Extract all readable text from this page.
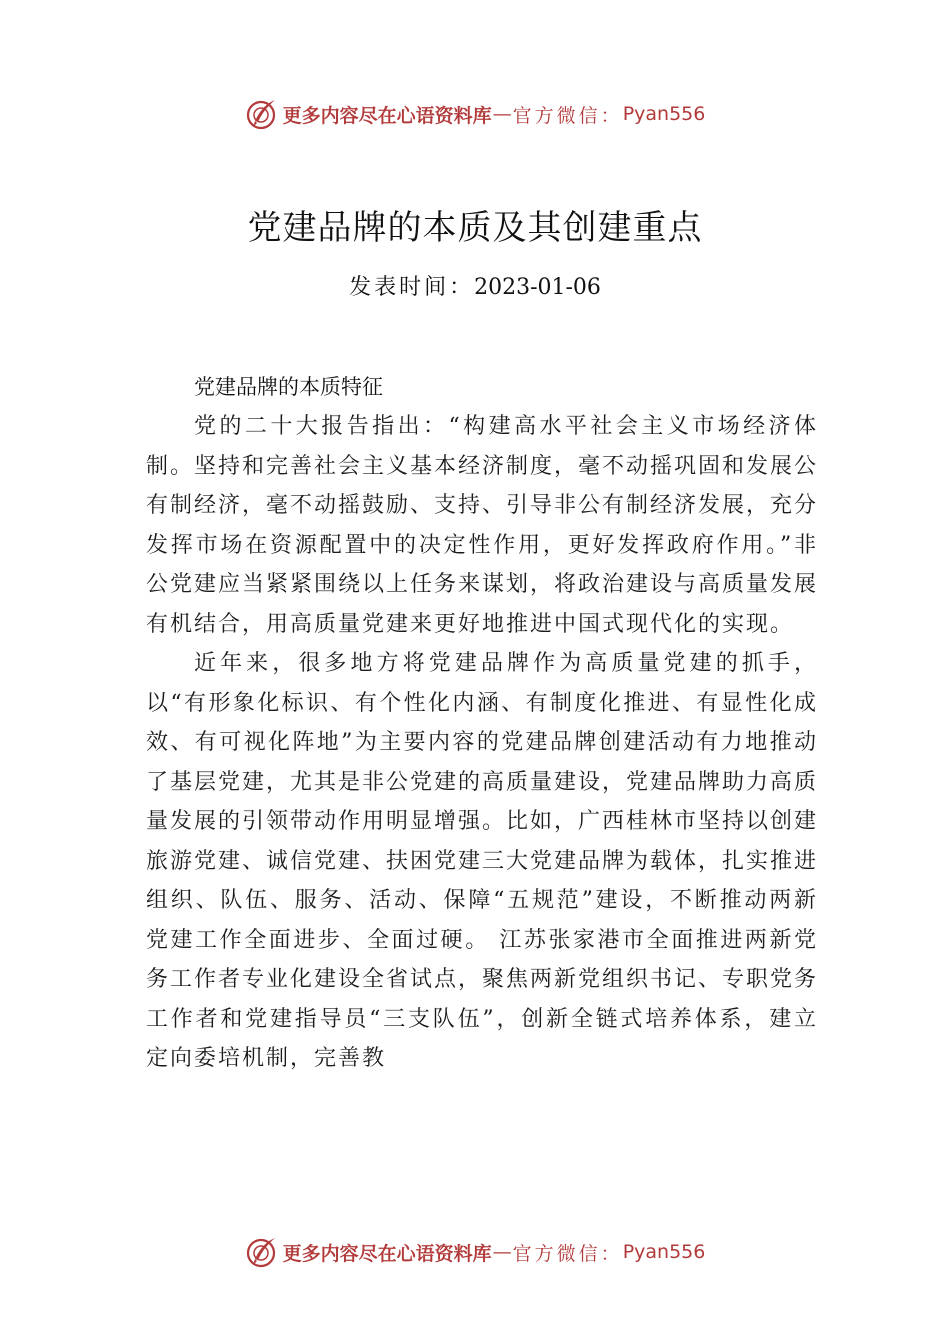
更多内容尽在心语资料库 — 官方微信： Pyan556
党建品牌的本质及其创建重点
发表时间：2023-01-06
党建品牌的本质特征

党的二十大报告指出：“构建高水平社会主义市场经济体制。坚持和完善社会主义基本经济制度，毫不动摇巩固和发展公有制经济，毫不动摇鼓励、支持、引导非公有制经济发展，充分发挥市场在资源配置中的决定性作用，更好发挥政府作用。”非公党建应当紧紧围绕以上任务来谋划，将政治建设与高质量发展有机结合，用高质量党建来更好地推进中国式现代化的实现。

近年来，很多地方将党建品牌作为高质量党建的抓手，以“有形象化标识、有个性化内涵、有制度化推进、有显性化成效、有可视化阵地”为主要内容的党建品牌创建活动有力地推动了基层党建，尤其是非公党建的高质量建设，党建品牌助力高质量发展的引领带动作用明显增强。比如，广西桂林市坚持以创建旅游党建、诚信党建、扶困党建三大党建品牌为载体，扎实推进组织、队伍、服务、活动、保障“五规范”建设，不断推动两新党建工作全面进步、全面过硬。 江苏张家港市全面推进两新党务工作者专业化建设全省试点，聚焦两新党组织书记、专职党务工作者和党建指导员“三支队伍”，创新全链式培养体系，建立定向委培机制，完善教

更多内容尽在心语资料库 — 官方微信： Pyan556
